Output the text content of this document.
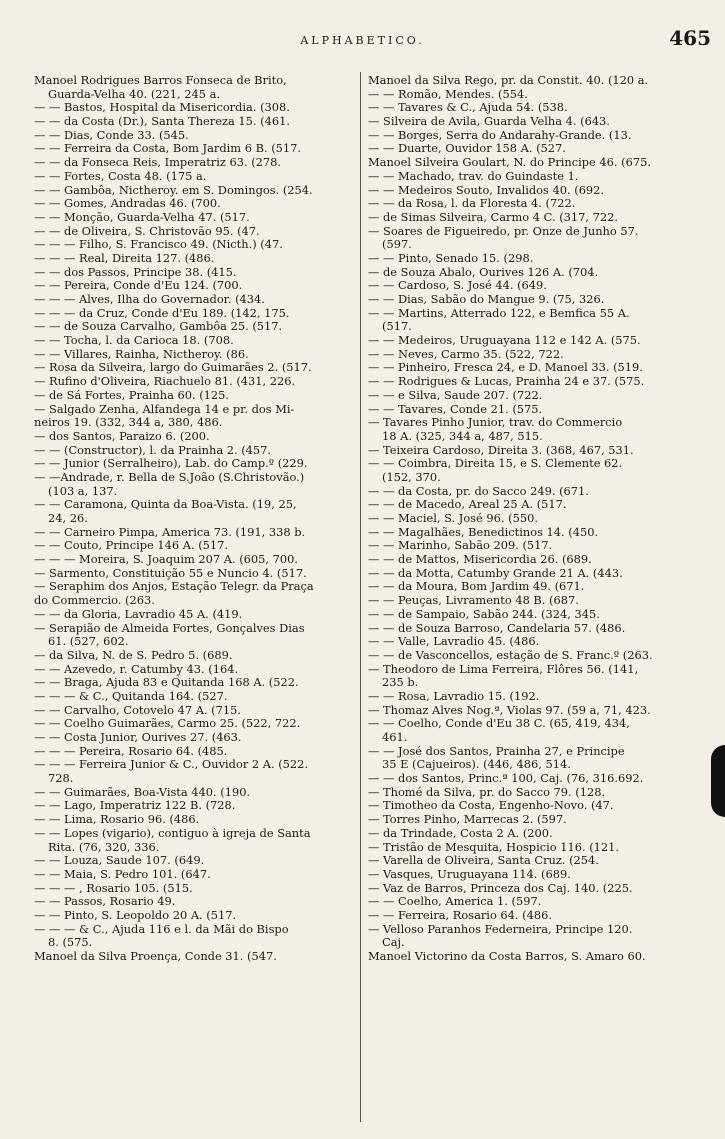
ALPHABETICO.	465
Manoel Rodrigues Barros Fonseca de Brito,
Guarda-Velha 40. (221, 245 a.
— — Bastos, Hospital da Misericordia. (308.
— — da Costa (Dr.), Santa Thereza 15. (461.
— — Dias, Conde 33. (545.
— — Ferreira da Costa, Bom Jardim 6 B. (517.
— — da Fonseca Reis, Imperatriz 63. (278.
— — Fortes, Costa 48. (175 a.
— — Gambôa, Nictheroy. em S. Domingos. (254.
— — Gomes, Andradas 46. (700.
— — Monção, Guarda-Velha 47. (517.
— — de Oliveira, S. Christovão 95. (47.
— — — Filho, S. Francisco 49. (Nicth.) (47.
— — — Real, Direita 127. (486.
— — dos Passos, Principe 38. (415.
— — Pereira, Conde d'Eu 124. (700.
— — — Alves, Ilha do Governador. (434.
— — — da Cruz, Conde d'Eu 189. (142, 175.
— — de Souza Carvalho, Gambôa 25. (517.
— — Tocha, l. da Carioca 18. (708.
— — Villares, Rainha, Nictheroy. (86.
— Rosa da Silveira, largo do Guimarães 2. (517.
— Rufino d'Oliveira, Riachuelo 81. (431, 226.
— de Sá Fortes, Prainha 60. (125.
— Salgado Zenha, Alfandega 14 e pr. dos Mi-
neiros 19. (332, 344 a, 380, 486.
— dos Santos, Paraizo 6. (200.
— — (Constructor), l. da Prainha 2. (457.
— — Junior (Serralheiro), Lab. do Camp.º (229.
— —Andrade, r. Bella de S.João (S.Christovão.)
(103 a, 137.
— — Caramona, Quinta da Boa-Vista. (19, 25,
24, 26.
— — Carneiro Pimpa, America 73. (191, 338 b.
— — Couto, Principe 146 A. (517.
— — — Moreira, S. Joaquim 207 A. (605, 700.
— Sarmento, Constituição 55 e Nuncio 4. (517.
— Seraphim dos Anjos, Estação Telegr. da Praça
do Commercio. (263.
— — da Gloria, Lavradio 45 A. (419.
— Serapião de Almeida Fortes, Gonçalves Dias
61. (527, 602.
— da Silva, N. de S. Pedro 5. (689.
— — Azevedo, r. Catumby 43. (164.
— — Braga, Ajuda 83 e Quitanda 168 A. (522.
— — — & C., Quitanda 164. (527.
— — Carvalho, Cotovelo 47 A. (715.
— — Coelho Guimarães, Carmo 25. (522, 722.
— — Costa Junior, Ourives 27. (463.
— — — Pereira, Rosario 64. (485.
— — — Ferreira Junior & C., Ouvidor 2 A. (522.
728.
— — Guimarães, Boa-Vista 440. (190.
— — Lago, Imperatriz 122 B. (728.
— — Lima, Rosario 96. (486.
— — Lopes (vigario), contiguo à igreja de Santa
Rita. (76, 320, 336.
— — Louza, Saude 107. (649.
— — Maia, S. Pedro 101. (647.
— — — , Rosario 105. (515.
— — Passos, Rosario 49.
— — Pinto, S. Leopoldo 20 A. (517.
— — — & C., Ajuda 116 e l. da Mãi do Bispo
8. (575.
Manoel da Silva Proença, Conde 31. (547.
Manoel da Silva Rego, pr. da Constit. 40. (120 a.
— — Romão, Mendes. (554.
— — Tavares & C., Ajuda 54. (538.
— Silveira de Avila, Guarda Velha 4. (643.
— — Borges, Serra do Andarahy-Grande. (13.
— — Duarte, Ouvidor 158 A. (527.
Manoel Silveira Goulart, N. do Principe 46. (675.
— — Machado, trav. do Guindaste 1.
— — Medeiros Souto, Invalidos 40. (692.
— — da Rosa, l. da Floresta 4. (722.
— de Simas Silveira, Carmo 4 C. (317, 722.
— Soares de Figueiredo, pr. Onze de Junho 57.
(597.
— — Pinto, Senado 15. (298.
— de Souza Abalo, Ourives 126 A. (704.
— — Cardoso, S. José 44. (649.
— — Dias, Sabão do Mangue 9. (75, 326.
— — Martins, Atterrado 122, e Bemfica 55 A.
(517.
— — Medeiros, Uruguayana 112 e 142 A. (575.
— — Neves, Carmo 35. (522, 722.
— — Pinheiro, Fresca 24, e D. Manoel 33. (519.
— — Rodrigues & Lucas, Prainha 24 e 37. (575.
— — e Silva, Saude 207. (722.
— — Tavares, Conde 21. (575.
— Tavares Pinho Junior, trav. do Commercio
18 A. (325, 344 a, 487, 515.
— Teixeira Cardoso, Direita 3. (368, 467, 531.
— — Coimbra, Direita 15, e S. Clemente 62.
(152, 370.
— — da Costa, pr. do Sacco 249. (671.
— — de Macedo, Areal 25 A. (517.
— — Maciel, S. José 96. (550.
— — Magalhães, Benedictinos 14. (450.
— — Marinho, Sabão 209. (517.
— — de Mattos, Misericordia 26. (689.
— — da Motta, Catumby Grande 21 A. (443.
— — da Moura, Bom Jardim 49. (671.
— — Peuças, Livramento 48 B. (687.
— — de Sampaio, Sabão 244. (324, 345.
— — de Souza Barroso, Candelaria 57. (486.
— — Valle, Lavradio 45. (486.
— — de Vasconcellos, estação de S. Franc.º (263.
— Theodoro de Lima Ferreira, Flôres 56. (141,
235 b.
— — Rosa, Lavradio 15. (192.
— Thomaz Alves Nog.ª, Violas 97. (59 a, 71, 423.
— — Coelho, Conde d'Eu 38 C. (65, 419, 434,
461.
— — José dos Santos, Prainha 27, e Principe
35 E (Cajueiros). (446, 486, 514.
— — dos Santos, Princ.ª 100, Caj. (76, 316.692.
— Thomé da Silva, pr. do Sacco 79. (128.
— Timotheo da Costa, Engenho-Novo. (47.
— Torres Pinho, Marrecas 2. (597.
— da Trindade, Costa 2 A. (200.
— Tristão de Mesquita, Hospicio 116. (121.
— Varella de Oliveira, Santa Cruz. (254.
— Vasques, Uruguayana 114. (689.
— Vaz de Barros, Princeza dos Caj. 140. (225.
— — Coelho, America 1. (597.
— — Ferreira, Rosario 64. (486.
— Velloso Paranhos Federneira, Principe 120.
Caj.
Manoel Victorino da Costa Barros, S. Amaro 60.
